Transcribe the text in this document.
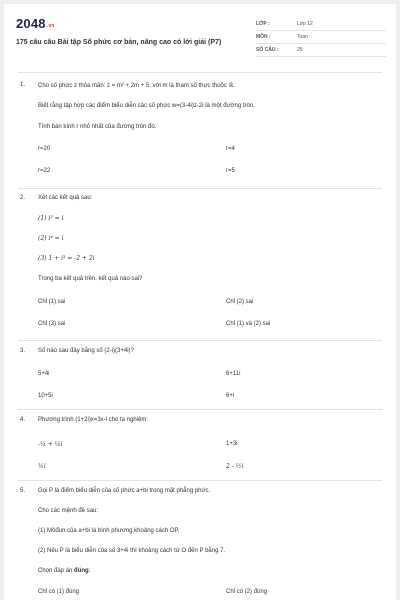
2048.vn
175 câu câu Bài tập Số phức cơ bản, nâng cao có lời giải (P7)
LỚP :	Lớp 12
MÔN :	Toán
SỐ CÂU :	25
1. Cho số phức z thỏa mãn: z = m² + 2m + 5, với m là tham số thực thuộc ℝ.
Biết rằng tập hợp các điểm biểu diễn các số phức w=(3-4i)z-2i là một đường tròn.
Tính bán kính r nhỏ nhất của đường tròn đó.
r=20	r=4
r=22	r=5
2. Xét các kết quả sau:
(1) i³ = i
(2) i⁴ = i
(3) 1 + i³ = -2 + 2i
Trong ba kết quả trên, kết quả nào sai?
Chỉ (1) sai	Chỉ (2) sai
Chỉ (3) sai	Chỉ (1) và (2) sai
3. Số nào sau đây bằng số (2-i)(3+4i)?
5+4i	6+11i
10+5i	6+i
4. Phương trình (1+2i)x=3x-i cho ta nghiệm:
-¼ + ¼i	1+3i
½i	2 - ½i
5. Gọi P là điểm biểu diễn của số phức a+bi trong mặt phẳng phức.
Cho các mệnh đề sau:
(1) Môđun của a+bi là bình phương khoảng cách OP.
(2) Nếu P là biểu diễn của số 3+4i thì khoảng cách từ O đến P bằng 7.
Chọn đáp án đúng:
Chỉ có (1) đúng	Chỉ có (2) đúng
